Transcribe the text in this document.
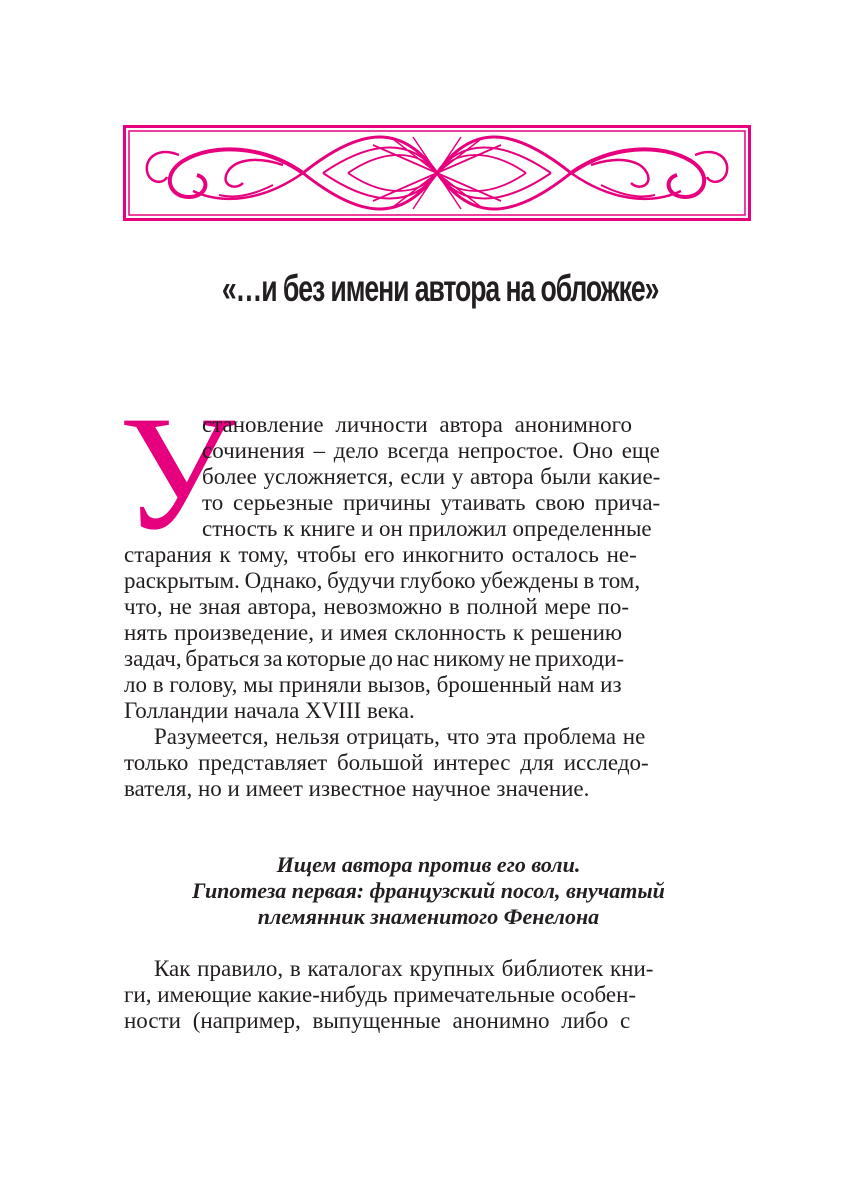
«…и без имени автора на обложке»
У
становление личности автора анонимного
сочинения – дело всегда непростое. Оно еще
более усложняется, если у автора были какие-
то серьезные причины утаивать свою прича-
стность к книге и он приложил определенные
старания к тому, чтобы его инкогнито осталось не-
раскрытым. Однако, будучи глубоко убеждены в том,
что, не зная автора, невозможно в полной мере по-
нять произведение, и имея склонность к решению
задач, браться за которые до нас никому не приходи-
ло в голову, мы приняли вызов, брошенный нам из
Голландии начала XVIII века.
Разумеется, нельзя отрицать, что эта проблема не
только представляет большой интерес для исследо-
вателя, но и имеет известное научное значение.
Ищем автора против его воли.
Гипотеза первая: французский посол, внучатый
племянник знаменитого Фенелона
Как правило, в каталогах крупных библиотек кни-
ги, имеющие какие-нибудь примечательные особен-
ности (например, выпущенные анонимно либо с
